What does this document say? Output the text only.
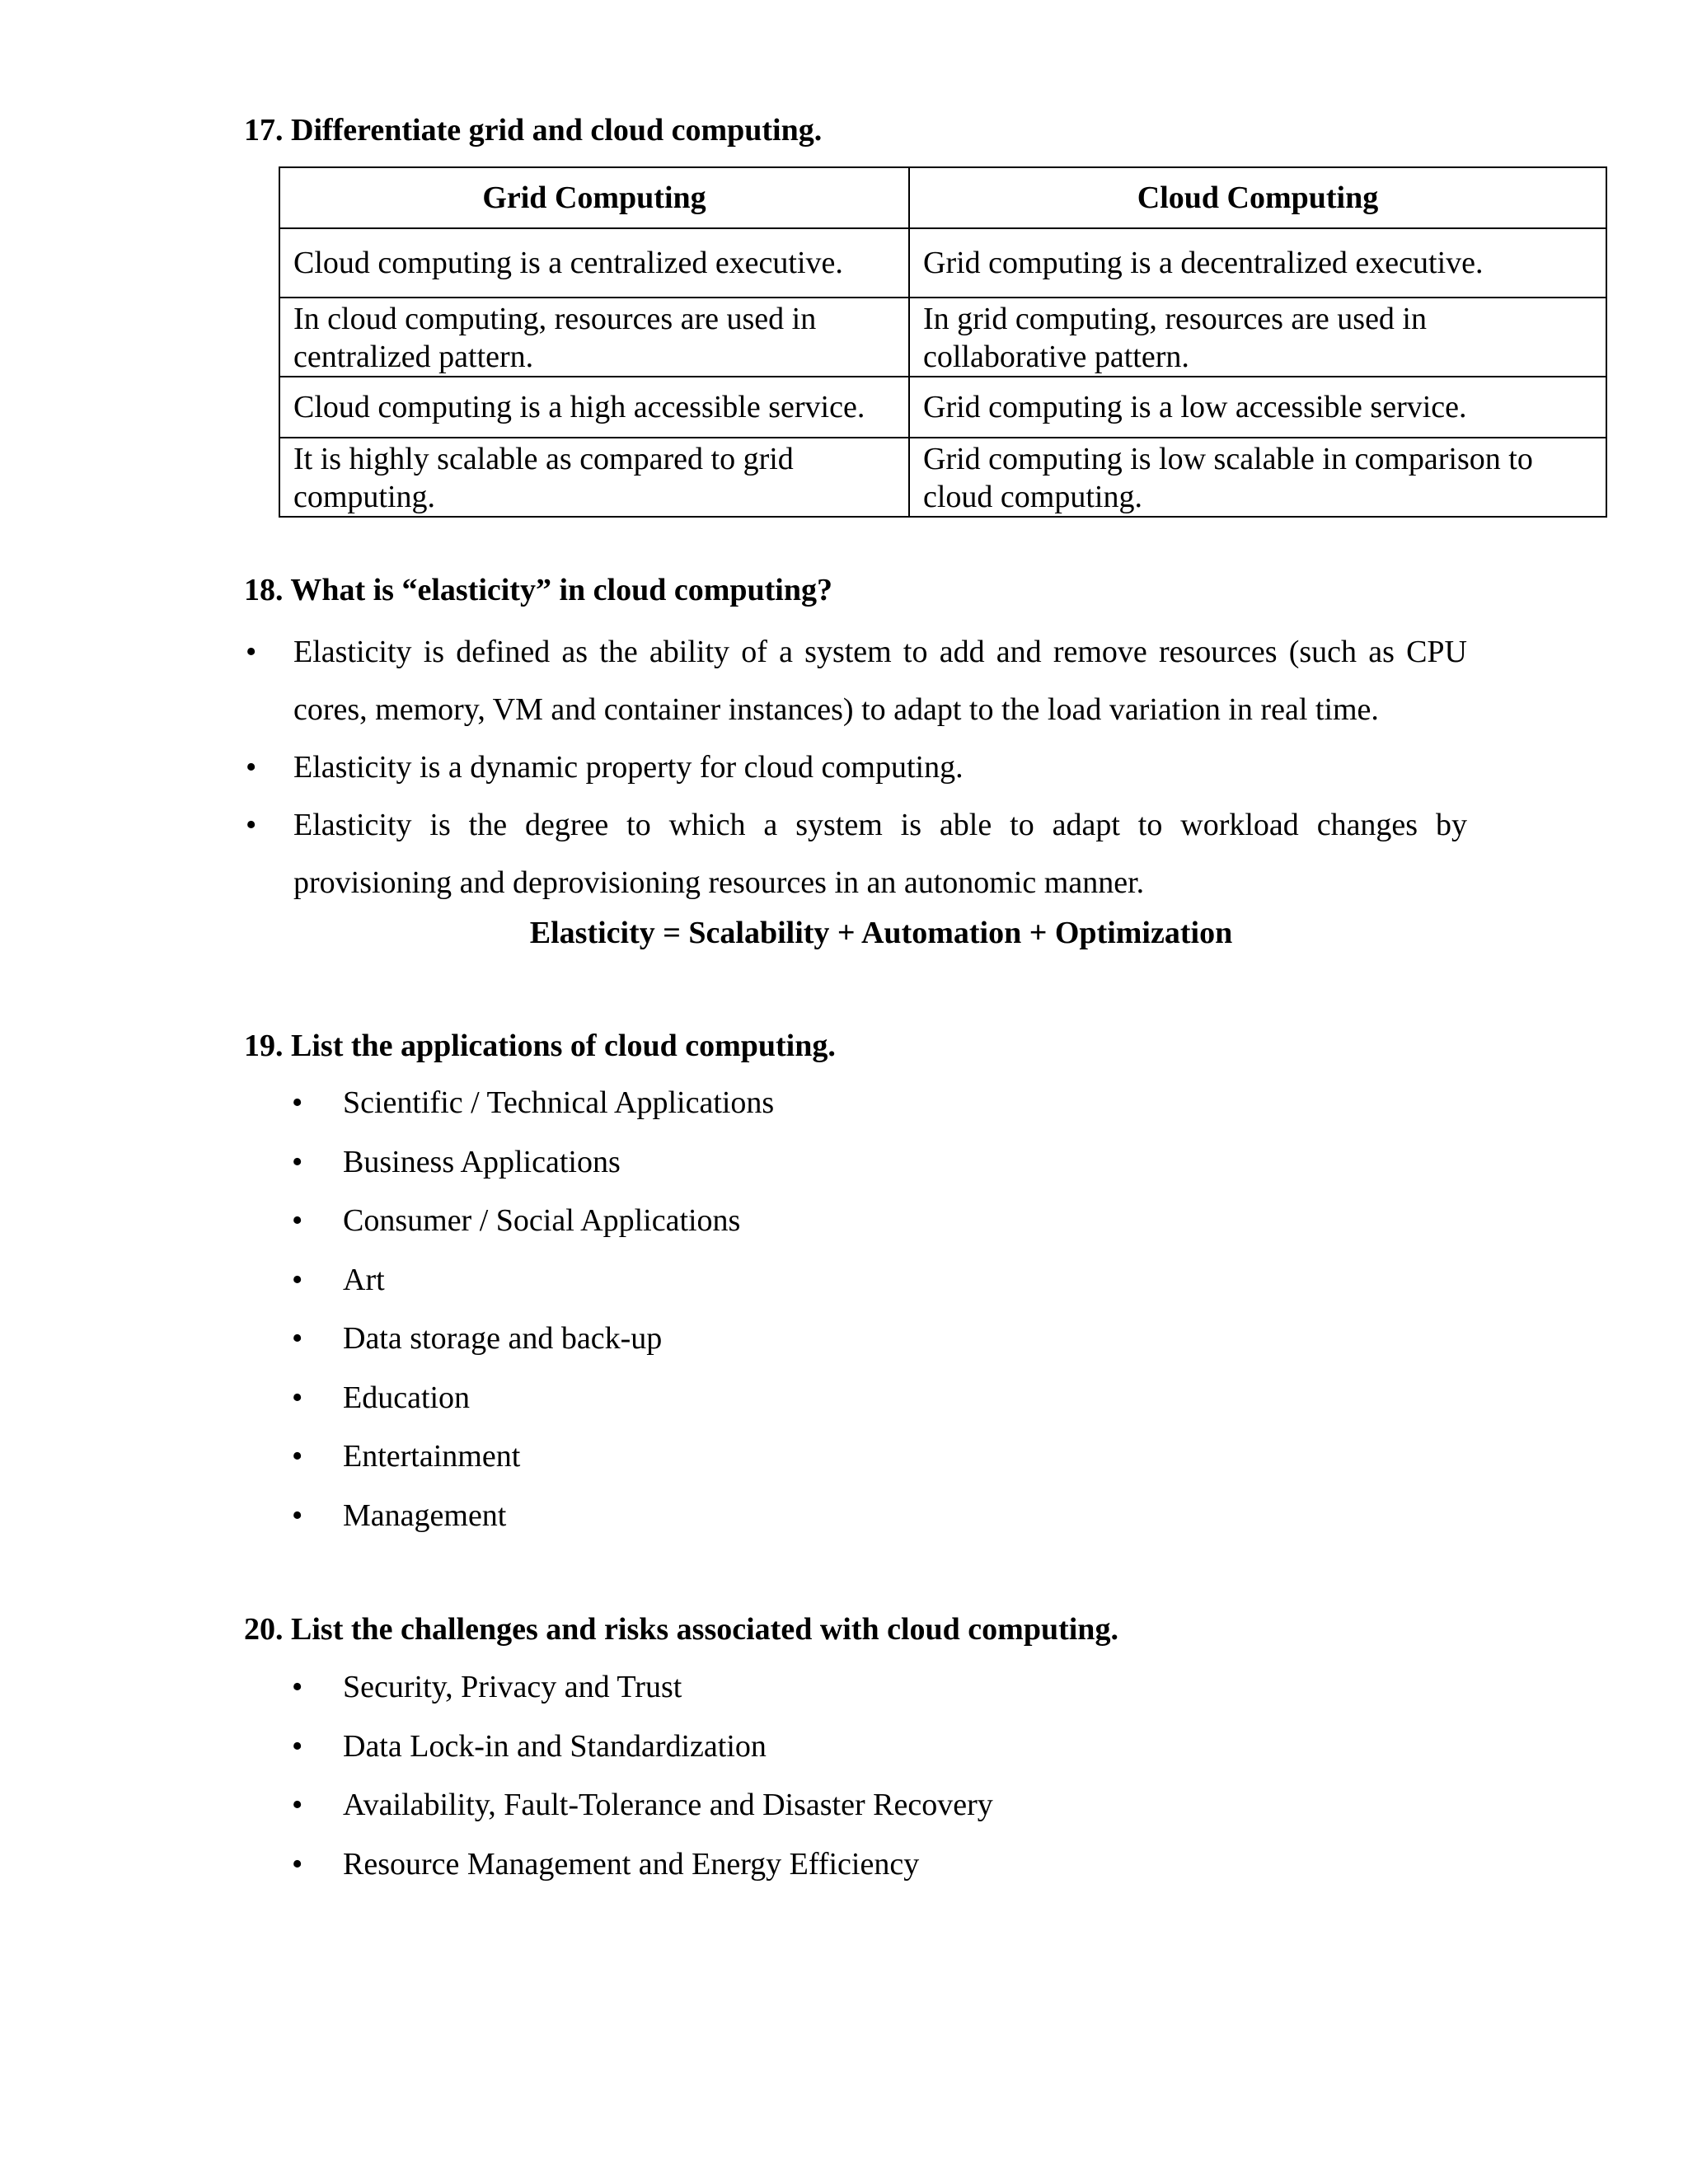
17. Differentiate grid and cloud computing.
Grid Computing	Cloud Computing
Cloud computing is a centralized executive.	Grid computing is a decentralized executive.
In cloud computing, resources are used in centralized pattern.	In grid computing, resources are used in collaborative pattern.
Cloud computing is a high accessible service.	Grid computing is a low accessible service.
It is highly scalable as compared to grid computing.	Grid computing is low scalable in comparison to cloud computing.
18. What is “elasticity” in cloud computing?
• Elasticity is defined as the ability of a system to add and remove resources (such as CPU cores, memory, VM and container instances) to adapt to the load variation in real time.
• Elasticity is a dynamic property for cloud computing.
• Elasticity is the degree to which a system is able to adapt to workload changes by provisioning and deprovisioning resources in an autonomic manner.
Elasticity = Scalability + Automation + Optimization
19. List the applications of cloud computing.
• Scientific / Technical Applications
• Business Applications
• Consumer / Social Applications
• Art
• Data storage and back-up
• Education
• Entertainment
• Management
20. List the challenges and risks associated with cloud computing.
• Security, Privacy and Trust
• Data Lock-in and Standardization
• Availability, Fault-Tolerance and Disaster Recovery
• Resource Management and Energy Efficiency
